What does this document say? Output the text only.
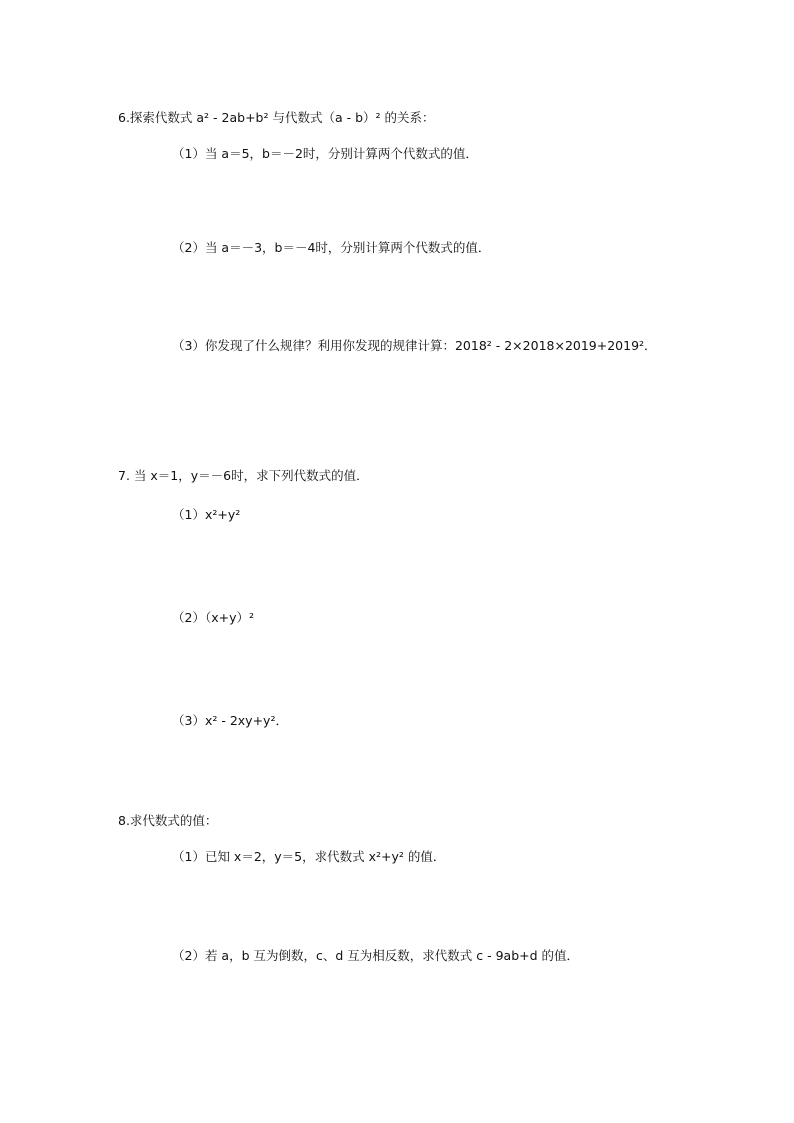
6.探索代数式 a² - 2ab+b² 与代数式（a - b）² 的关系：
（1）当 a＝5，b＝－2时，分别计算两个代数式的值．
（2）当 a＝－3，b＝－4时，分别计算两个代数式的值．
（3）你发现了什么规律？利用你发现的规律计算：2018² - 2×2018×2019+2019²．
7. 当 x＝1，y＝－6时，求下列代数式的值．
（1）x²+y²
（2）（x+y）²
（3）x² - 2xy+y²．
8.求代数式的值：
（1）已知 x＝2，y＝5，求代数式 x²+y² 的值．
（2）若 a，b 互为倒数，c、d 互为相反数，求代数式 c - 9ab+d 的值．
